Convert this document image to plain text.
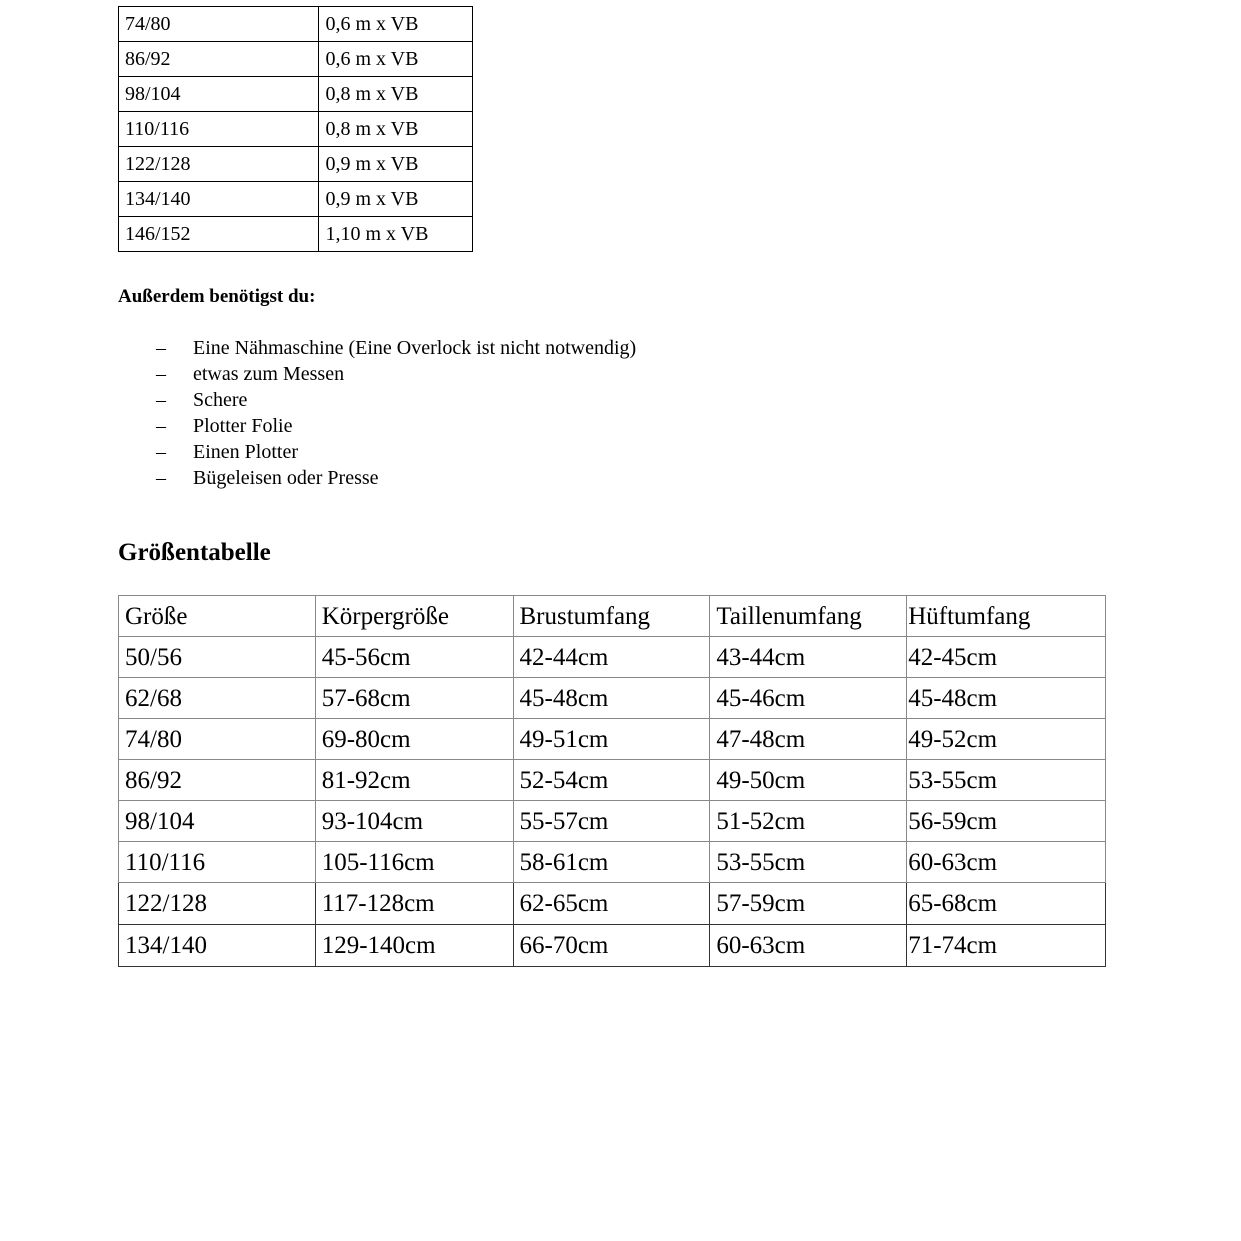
74/80	0,6 m x VB
86/92	0,6 m x VB
98/104	0,8 m x VB
110/116	0,8 m x VB
122/128	0,9 m x VB
134/140	0,9 m x VB
146/152	1,10 m x VB

Außerdem benötigst du:

– Eine Nähmaschine (Eine Overlock ist nicht notwendig)
– etwas zum Messen
– Schere
– Plotter Folie
– Einen Plotter
– Bügeleisen oder Presse
Größentabelle
Größe	Körpergröße	Brustumfang	Taillenumfang	Hüftumfang
50/56	45-56cm	42-44cm	43-44cm	42-45cm
62/68	57-68cm	45-48cm	45-46cm	45-48cm
74/80	69-80cm	49-51cm	47-48cm	49-52cm
86/92	81-92cm	52-54cm	49-50cm	53-55cm
98/104	93-104cm	55-57cm	51-52cm	56-59cm
110/116	105-116cm	58-61cm	53-55cm	60-63cm
122/128	117-128cm	62-65cm	57-59cm	65-68cm
134/140	129-140cm	66-70cm	60-63cm	71-74cm
